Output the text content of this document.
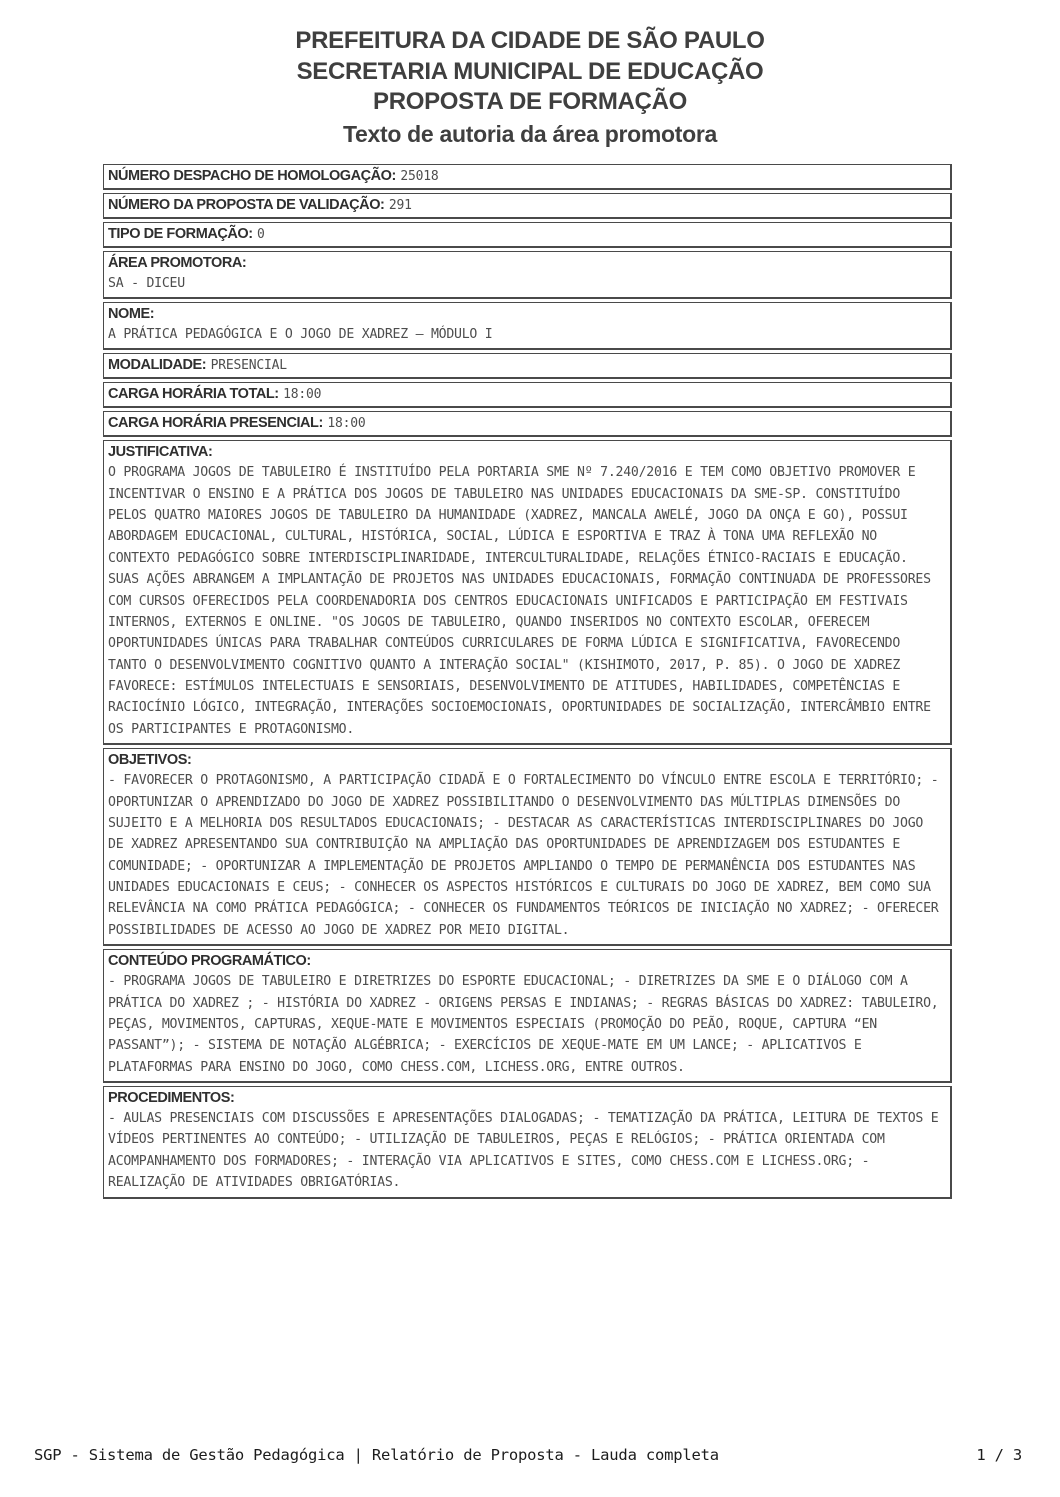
PREFEITURA DA CIDADE DE SÃO PAULO
SECRETARIA MUNICIPAL DE EDUCAÇÃO
PROPOSTA DE FORMAÇÃO
Texto de autoria da área promotora
NÚMERO DESPACHO DE HOMOLOGAÇÃO: 25018
NÚMERO DA PROPOSTA DE VALIDAÇÃO: 291
TIPO DE FORMAÇÃO: 0
ÁREA PROMOTORA:
SA - DICEU
NOME:
A PRÁTICA PEDAGÓGICA E O JOGO DE XADREZ — MÓDULO I
MODALIDADE: PRESENCIAL
CARGA HORÁRIA TOTAL: 18:00
CARGA HORÁRIA PRESENCIAL: 18:00
JUSTIFICATIVA:
O PROGRAMA JOGOS DE TABULEIRO É INSTITUÍDO PELA PORTARIA SME Nº 7.240/2016 E TEM COMO OBJETIVO PROMOVER E INCENTIVAR O ENSINO E A PRÁTICA DOS JOGOS DE TABULEIRO NAS UNIDADES EDUCACIONAIS DA SME-SP. CONSTITUÍDO PELOS QUATRO MAIORES JOGOS DE TABULEIRO DA HUMANIDADE (XADREZ, MANCALA AWELÉ, JOGO DA ONÇA E GO), POSSUI ABORDAGEM EDUCACIONAL, CULTURAL, HISTÓRICA, SOCIAL, LÚDICA E ESPORTIVA E TRAZ À TONA UMA REFLEXÃO NO CONTEXTO PEDAGÓGICO SOBRE INTERDISCIPLINARIDADE, INTERCULTURALIDADE, RELAÇÕES ÉTNICO-RACIAIS E EDUCAÇÃO. SUAS AÇÕES ABRANGEM A IMPLANTAÇÃO DE PROJETOS NAS UNIDADES EDUCACIONAIS, FORMAÇÃO CONTINUADA DE PROFESSORES COM CURSOS OFERECIDOS PELA COORDENADORIA DOS CENTROS EDUCACIONAIS UNIFICADOS E PARTICIPAÇÃO EM FESTIVAIS INTERNOS, EXTERNOS E ONLINE. "OS JOGOS DE TABULEIRO, QUANDO INSERIDOS NO CONTEXTO ESCOLAR, OFERECEM OPORTUNIDADES ÚNICAS PARA TRABALHAR CONTEÚDOS CURRICULARES DE FORMA LÚDICA E SIGNIFICATIVA, FAVORECENDO TANTO O DESENVOLVIMENTO COGNITIVO QUANTO A INTERAÇÃO SOCIAL" (KISHIMOTO, 2017, P. 85). O JOGO DE XADREZ FAVORECE: ESTÍMULOS INTELECTUAIS E SENSORIAIS, DESENVOLVIMENTO DE ATITUDES, HABILIDADES, COMPETÊNCIAS E RACIOCÍNIO LÓGICO, INTEGRAÇÃO, INTERAÇÕES SOCIOEMOCIONAIS, OPORTUNIDADES DE SOCIALIZAÇÃO, INTERCÂMBIO ENTRE OS PARTICIPANTES E PROTAGONISMO.
OBJETIVOS:
- FAVORECER O PROTAGONISMO, A PARTICIPAÇÃO CIDADÃ E O FORTALECIMENTO DO VÍNCULO ENTRE ESCOLA E TERRITÓRIO; - OPORTUNIZAR O APRENDIZADO DO JOGO DE XADREZ POSSIBILITANDO O DESENVOLVIMENTO DAS MÚLTIPLAS DIMENSÕES DO SUJEITO E A MELHORIA DOS RESULTADOS EDUCACIONAIS; - DESTACAR AS CARACTERÍSTICAS INTERDISCIPLINARES DO JOGO DE XADREZ APRESENTANDO SUA CONTRIBUIÇÃO NA AMPLIAÇÃO DAS OPORTUNIDADES DE APRENDIZAGEM DOS ESTUDANTES E COMUNIDADE; - OPORTUNIZAR A IMPLEMENTAÇÃO DE PROJETOS AMPLIANDO O TEMPO DE PERMANÊNCIA DOS ESTUDANTES NAS UNIDADES EDUCACIONAIS E CEUS; - CONHECER OS ASPECTOS HISTÓRICOS E CULTURAIS DO JOGO DE XADREZ, BEM COMO SUA RELEVÂNCIA NA COMO PRÁTICA PEDAGÓGICA; - CONHECER OS FUNDAMENTOS TEÓRICOS DE INICIAÇÃO NO XADREZ; - OFERECER POSSIBILIDADES DE ACESSO AO JOGO DE XADREZ POR MEIO DIGITAL.
CONTEÚDO PROGRAMÁTICO:
- PROGRAMA JOGOS DE TABULEIRO E DIRETRIZES DO ESPORTE EDUCACIONAL; - DIRETRIZES DA SME E O DIÁLOGO COM A PRÁTICA DO XADREZ ; - HISTÓRIA DO XADREZ - ORIGENS PERSAS E INDIANAS; - REGRAS BÁSICAS DO XADREZ: TABULEIRO, PEÇAS, MOVIMENTOS, CAPTURAS, XEQUE-MATE E MOVIMENTOS ESPECIAIS (PROMOÇÃO DO PEÃO, ROQUE, CAPTURA “EN PASSANT”); - SISTEMA DE NOTAÇÃO ALGÉBRICA; - EXERCÍCIOS DE XEQUE-MATE EM UM LANCE; - APLICATIVOS E PLATAFORMAS PARA ENSINO DO JOGO, COMO CHESS.COM, LICHESS.ORG, ENTRE OUTROS.
PROCEDIMENTOS:
- AULAS PRESENCIAIS COM DISCUSSÕES E APRESENTAÇÕES DIALOGADAS; - TEMATIZAÇÃO DA PRÁTICA, LEITURA DE TEXTOS E VÍDEOS PERTINENTES AO CONTEÚDO; - UTILIZAÇÃO DE TABULEIROS, PEÇAS E RELÓGIOS; - PRÁTICA ORIENTADA COM ACOMPANHAMENTO DOS FORMADORES; - INTERAÇÃO VIA APLICATIVOS E SITES, COMO CHESS.COM E LICHESS.ORG; - REALIZAÇÃO DE ATIVIDADES OBRIGATÓRIAS.
SGP - Sistema de Gestão Pedagógica | Relatório de Proposta - Lauda completa	1 / 3
